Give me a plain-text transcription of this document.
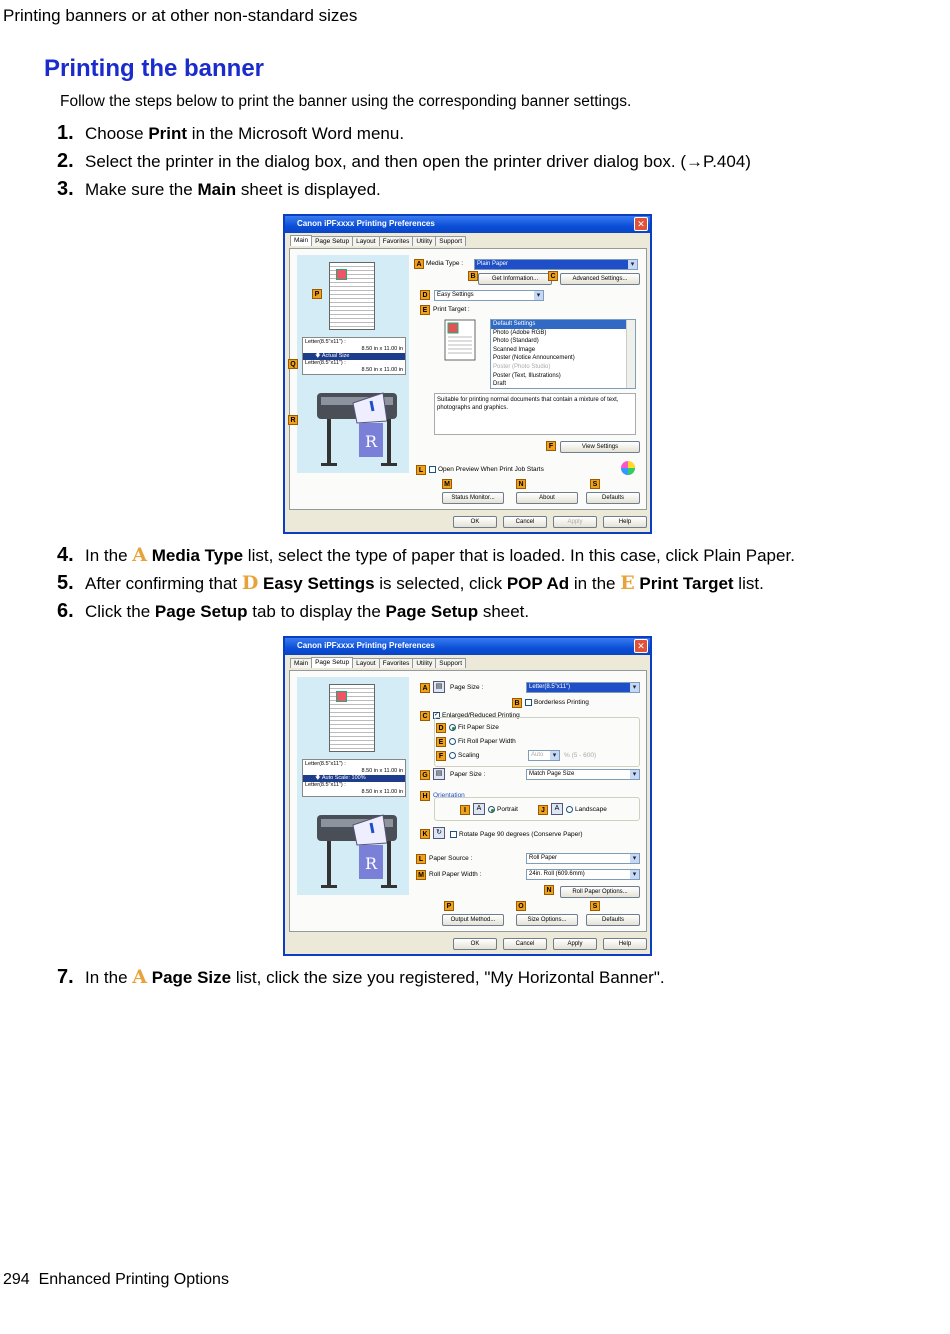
Printing banners or at other non-standard sizes
Printing the banner
Follow the steps below to print the banner using the corresponding banner settings.
1. Choose Print in the Microsoft Word menu.
2. Select the printer in the dialog box, and then open the printer driver dialog box. (→P.404)
3. Make sure the Main sheet is displayed.
Canon iPFxxxx Printing Preferences	✕
Main Page Setup Layout Favorites Utility Support
Letter(8.5"x11") :
8.50 in x 11.00 in
🡇 Actual Size
Letter(8.5"x11") :
8.50 in x 11.00 in
R
P
Q
R
A Media Type :	Plain Paper ▾
B	Get Information...	C	Advanced Settings...
D	Easy Settings ▾
E Print Target :
Default Settings
Photo (Adobe RGB)
Photo (Standard)
Scanned Image
Poster (Notice Announcement)
Poster (Photo Studio)
Poster (Text, Illustrations)
Draft
Suitable for printing normal documents that contain a mixture of text, photographs and graphics.
F	View Settings
L	Open Preview When Print Job Starts
M
Status Monitor...
N
About
S
Defaults
OK	Cancel	Apply	Help
4. In the A Media Type list, select the type of paper that is loaded. In this case, click Plain Paper.
5. After confirming that D Easy Settings is selected, click POP Ad in the E Print Target list.
6. Click the Page Setup tab to display the Page Setup sheet.
Canon iPFxxxx Printing Preferences	✕
Main Page Setup Layout Favorites Utility Support
Letter(8.5"x11") :
8.50 in x 11.00 in
🡇 Auto Scale: 100%
Letter(8.5"x11") :
8.50 in x 11.00 in
R
A	▤	Page Size :	Letter(8.5"x11") ▾
B	Borderless Printing
C	✓ Enlarged/Reduced Printing
D	Fit Paper Size
E	Fit Roll Paper Width
F	Scaling	Auto ▾	% (5 - 600)
G	▤	Paper Size :	Match Page Size ▾
H Orientation
I	A	Portrait	J	A	Landscape
K	↻	Rotate Page 90 degrees (Conserve Paper)
L Paper Source :	Roll Paper ▾
M Roll Paper Width :	24in. Roll (609.6mm) ▾
N	Roll Paper Options...
P
Output Method...
O
Size Options...
S
Defaults
OK	Cancel	Apply	Help
7. In the A Page Size list, click the size you registered, "My Horizontal Banner".
294 Enhanced Printing Options
